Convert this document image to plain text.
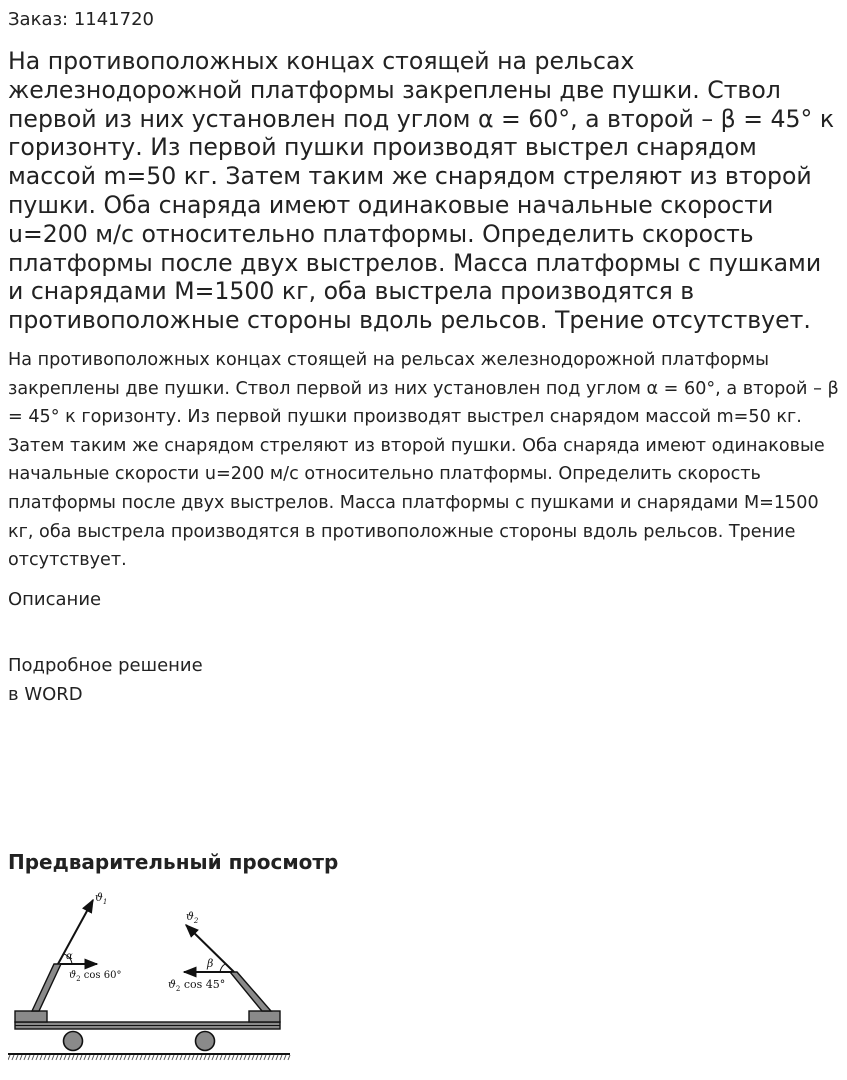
Заказ: 1141720
На противоположных концах стоящей на рельсах железнодорожной платформы закреплены две пушки. Ствол первой из них установлен под углом α = 60°, а второй – β = 45° к горизонту. Из первой пушки производят выстрел снарядом массой m=50 кг. Затем таким же снарядом стреляют из второй пушки. Оба снаряда имеют одинаковые начальные скорости u=200 м/с относительно платформы. Определить скорость платформы после двух выстрелов. Масса платформы с пушками и снарядами M=1500 кг, оба выстрела производятся в противоположные стороны вдоль рельсов. Трение отсутствует.

На противоположных концах стоящей на рельсах железнодорожной платформы закреплены две пушки. Ствол первой из них установлен под углом α = 60°, а второй – β = 45° к горизонту. Из первой пушки производят выстрел снарядом массой m=50 кг. Затем таким же снарядом стреляют из второй пушки. Оба снаряда имеют одинаковые начальные скорости u=200 м/с относительно платформы. Определить скорость платформы после двух выстрелов. Масса платформы с пушками и снарядами M=1500 кг, оба выстрела производятся в противоположные стороны вдоль рельсов. Трение отсутствует.

Описание
Подробное решение
в WORD
Предварительный просмотр
$ϑ_1$
$ϑ_2$
α
β
$ϑ_2$ cos 60°
$ϑ_2$ cos 45°
